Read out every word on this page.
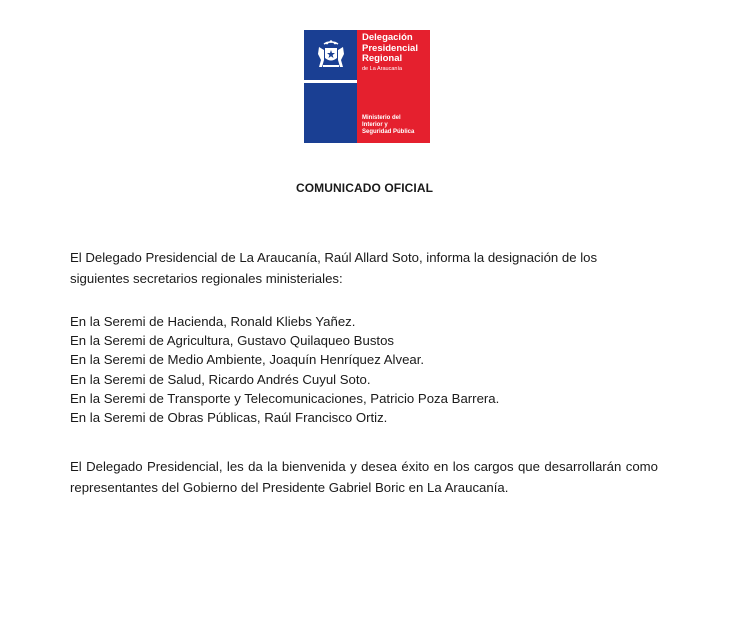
Delegación
Presidencial
Regional
de La Araucanía
Ministerio del
Interior y
Seguridad Pública
COMUNICADO OFICIAL
El Delegado Presidencial de La Araucanía, Raúl Allard Soto, informa la designación de los
siguientes secretarios regionales ministeriales:
En la Seremi de Hacienda, Ronald Kliebs Yañez.
En la Seremi de Agricultura, Gustavo Quilaqueo Bustos
En la Seremi de Medio Ambiente, Joaquín Henríquez Alvear.
En la Seremi de Salud, Ricardo Andrés Cuyul Soto.
En la Seremi de Transporte y Telecomunicaciones, Patricio Poza Barrera.
En la Seremi de Obras Públicas, Raúl Francisco Ortiz.
El Delegado Presidencial, les da la bienvenida y desea éxito en los cargos que desarrollarán como representantes del Gobierno del Presidente Gabriel Boric en La Araucanía.
